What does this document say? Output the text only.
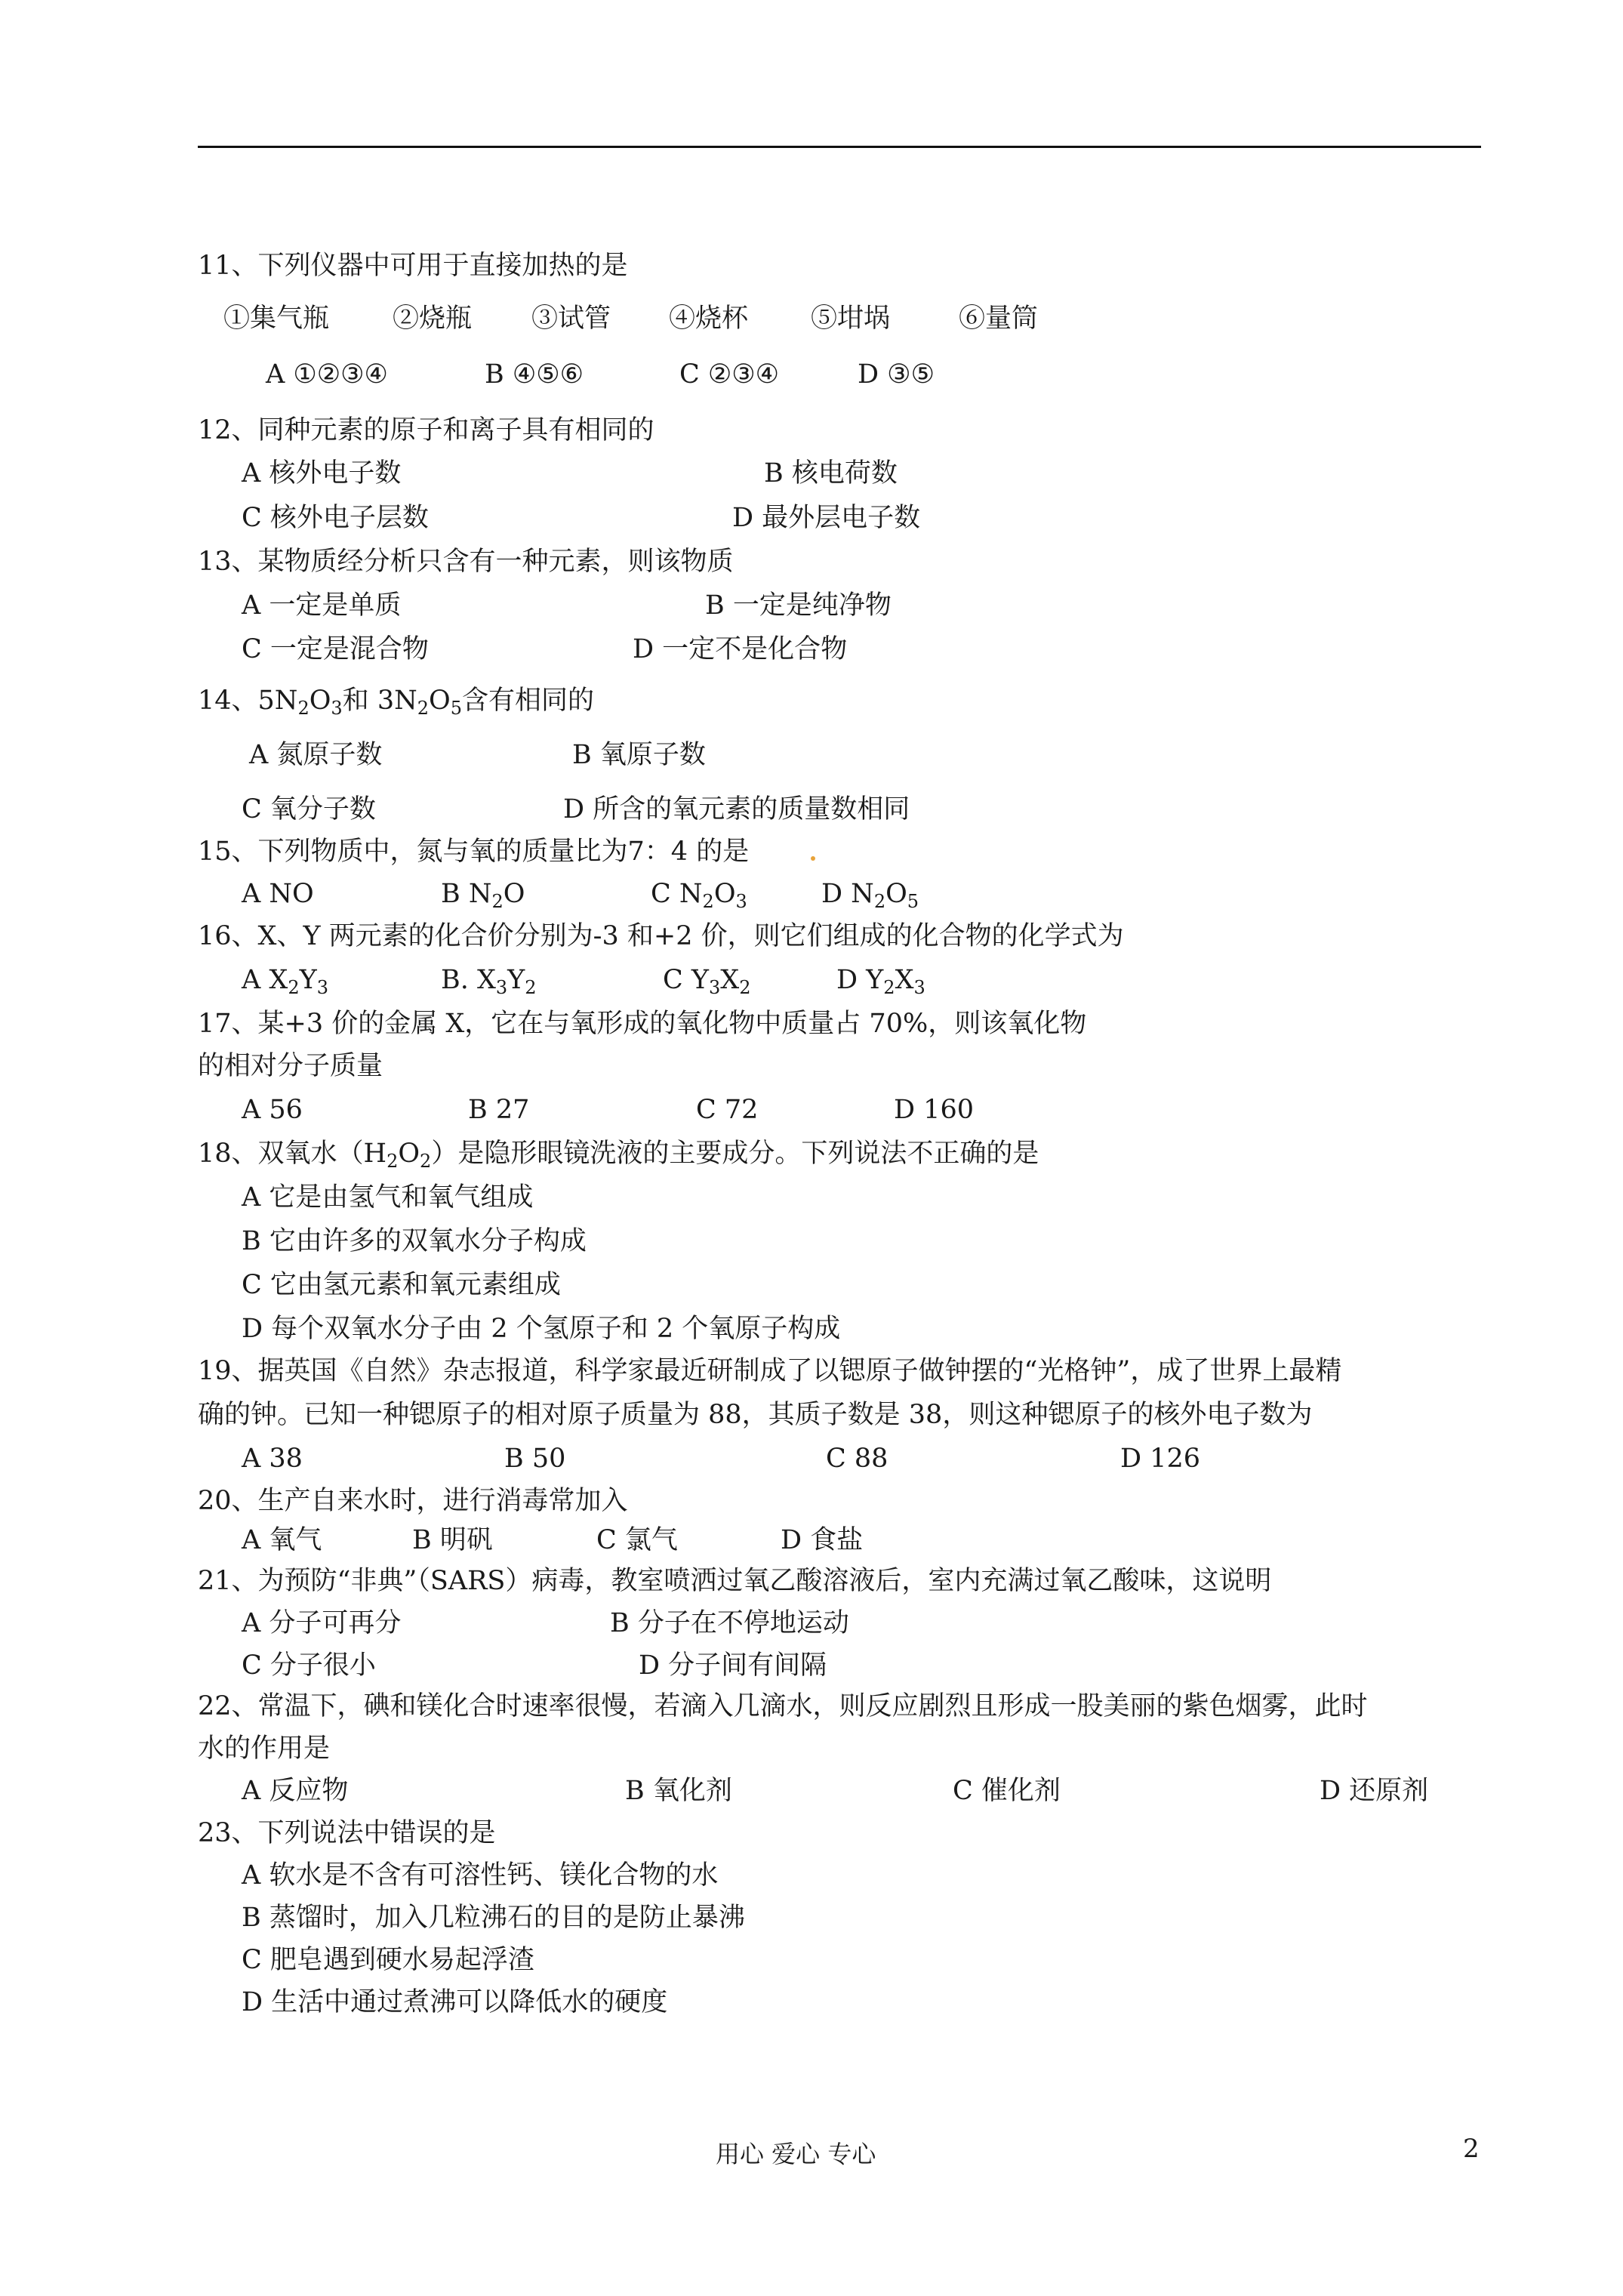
11、下列仪器中可用于直接加热的是
①集气瓶 ②烧瓶 ③试管 ④烧杯 ⑤坩埚	⑥量筒
A ①②③④	B ④⑤⑥	C ②③④	D ③⑤
12、同种元素的原子和离子具有相同的
A 核外电子数	B 核电荷数
C 核外电子层数	D 最外层电子数
13、某物质经分析只含有一种元素，则该物质
A 一定是单质	B 一定是纯净物
C 一定是混合物	D 一定不是化合物
14、$5N_2O_3$和 $3N_2O_5$含有相同的
A 氮原子数	B 氧原子数
C 氧分子数	D 所含的氧元素的质量数相同
15、下列物质中，氮与氧的质量比为7：4 的是
A NO	B $N_2O$	C $N_2O_3$	D $N_2O_5$
16、X、Y 两元素的化合价分别为-3 和+2 价，则它们组成的化合物的化学式为
A $X_2Y_3$	B. $X_3Y_2$	C $Y_3X_2$	D $Y_2X_3$
17、某+3 价的金属 X，它在与氧形成的氧化物中质量占 70%，则该氧化物
的相对分子质量
A 56	B 27	C 72	D 160
18、双氧水$(H_2O_2)$是隐形眼镜洗液的主要成分。下列说法不正确的是
A 它是由氢气和氧气组成
B 它由许多的双氧水分子构成
C 它由氢元素和氧元素组成
D 每个双氧水分子由 2 个氢原子和 2 个氧原子构成
19、据英国《自然》杂志报道，科学家最近研制成了以锶原子做钟摆的“光格钟”，成了世界上最精
确的钟。已知一种锶原子的相对原子质量为 88，其质子数是 38，则这种锶原子的核外电子数为
A 38	B 50	C 88	D 126
20、生产自来水时，进行消毒常加入
A 氧气	B 明矾	C 氯气	D 食盐
21、为预防“非典”（SARS）病毒，教室喷洒过氧乙酸溶液后，室内充满过氧乙酸味，这说明
A 分子可再分	B 分子在不停地运动
C 分子很小	D 分子间有间隔
22、常温下，碘和镁化合时速率很慢，若滴入几滴水，则反应剧烈且形成一股美丽的紫色烟雾，此时
水的作用是
A 反应物	B 氧化剂	C 催化剂	D 还原剂
23、下列说法中错误的是
A 软水是不含有可溶性钙、镁化合物的水
B 蒸馏时，加入几粒沸石的目的是防止暴沸
C 肥皂遇到硬水易起浮渣
D 生活中通过煮沸可以降低水的硬度
用心 爱心 专心	2
